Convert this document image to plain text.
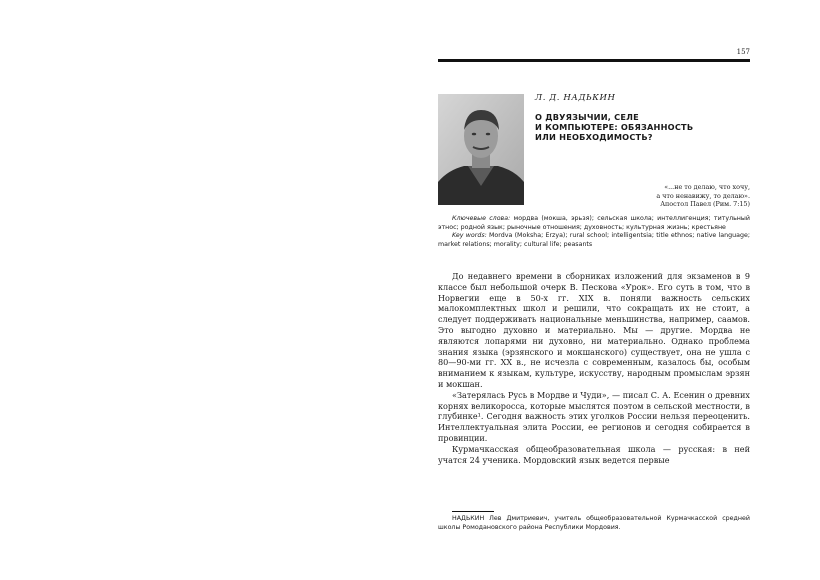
157
Л. Д. НАДЬКИН
О ДВУЯЗЫЧИИ, СЕЛЕ
И КОМПЬЮТЕРЕ: ОБЯЗАННОСТЬ
ИЛИ НЕОБХОДИМОСТЬ?
«...не то делаю, что хочу,
а что ненавижу, то делаю».
Апостол Павел (Рим. 7:15)

Ключевые слова: мордва (мокша, эрьзя); сельская школа; интеллигенция; титульный этнос; родной язык; рыночные отношения; духовность; культурная жизнь; крестьяне

Key words: Mordva (Moksha; Erzya); rural school; intelligentsia; title ethnos; native language; market relations; morality; cultural life; peasants

До недавнего времени в сборниках изложений для экзаменов в 9 классе был небольшой очерк В. Пескова «Урок». Его суть в том, что в Норвегии еще в 50-х гг. XIX в. поняли важность сельских малокомплектных школ и решили, что сокращать их не стоит, а следует поддерживать национальные меньшинства, например, саамов. Это выгодно духовно и материально. Мы — другие. Мордва не являются лопарями ни духовно, ни материально. Однако проблема знания языка (эрзянского и мокшанского) существует, она не ушла с 80—90-ми гг. XX в., не исчезла с современным, казалось бы, особым вниманием к языкам, культуре, искусству, народным промыслам эрзян и мокшан.

«Затерялась Русь в Мордве и Чуди», — писал С. А. Есенин о древних корнях великоросса, которые мыслятся поэтом в сельской местности, в глубинке¹. Сегодня важность этих уголков России нельзя переоценить. Интеллектуальная элита России, ее регионов и сегодня собирается в провинции.

Курмачкасская общеобразовательная школа — русская: в ней учатся 24 ученика. Мордовский язык ведется первые

НАДЬКИН Лев Дмитриевич, учитель общеобразовательной Курмачкасской средней школы Ромодановского района Республики Мордовия.
